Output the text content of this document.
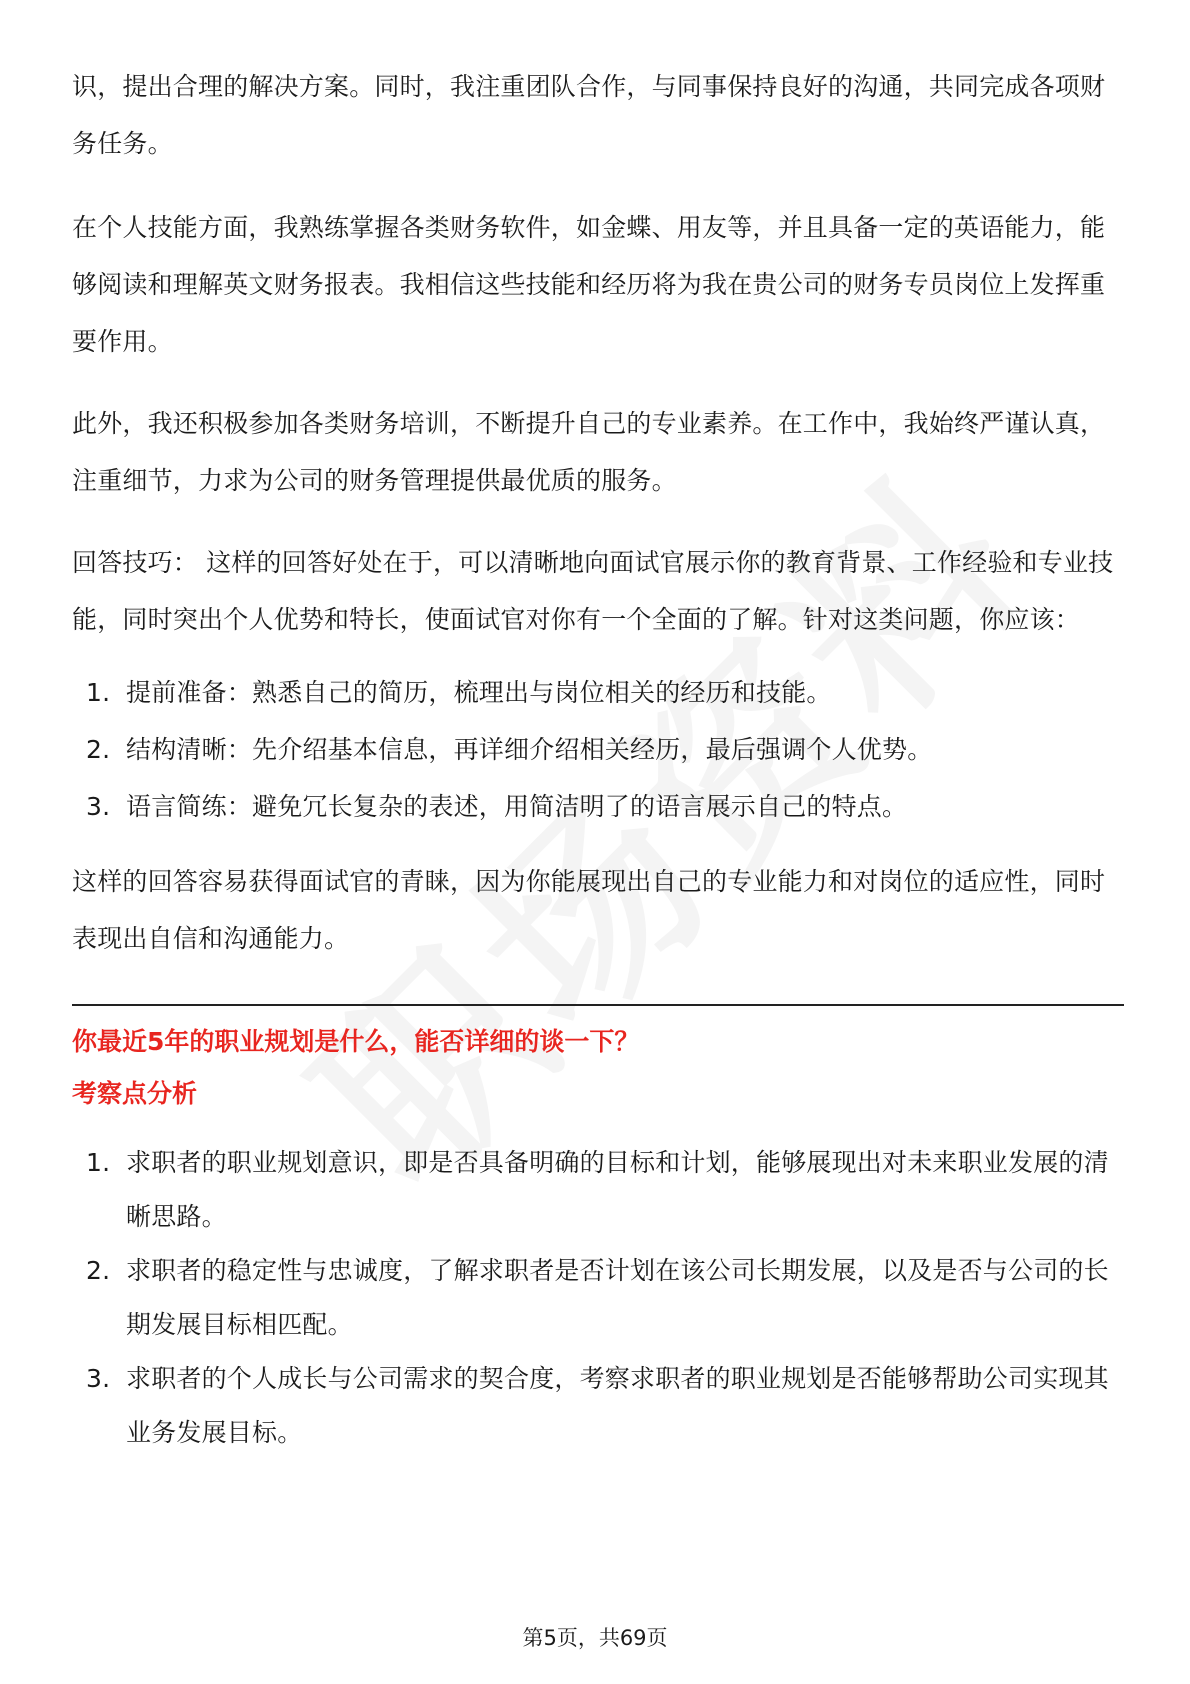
识，提出合理的解决方案。同时，我注重团队合作，与同事保持良好的沟通，共同完成各项财务任务。

在个人技能方面，我熟练掌握各类财务软件，如金蝶、用友等，并且具备一定的英语能力，能够阅读和理解英文财务报表。我相信这些技能和经历将为我在贵公司的财务专员岗位上发挥重要作用。

此外，我还积极参加各类财务培训，不断提升自己的专业素养。在工作中，我始终严谨认真，注重细节，力求为公司的财务管理提供最优质的服务。

回答技巧： 这样的回答好处在于，可以清晰地向面试官展示你的教育背景、工作经验和专业技能，同时突出个人优势和特长，使面试官对你有一个全面的了解。针对这类问题，你应该：

1. 提前准备：熟悉自己的简历，梳理出与岗位相关的经历和技能。
2. 结构清晰：先介绍基本信息，再详细介绍相关经历，最后强调个人优势。
3. 语言简练：避免冗长复杂的表述，用简洁明了的语言展示自己的特点。

这样的回答容易获得面试官的青睐，因为你能展现出自己的专业能力和对岗位的适应性，同时表现出自信和沟通能力。

你最近5年的职业规划是什么，能否详细的谈一下？

考察点分析

1. 求职者的职业规划意识，即是否具备明确的目标和计划，能够展现出对未来职业发展的清晰思路。
2. 求职者的稳定性与忠诚度，了解求职者是否计划在该公司长期发展，以及是否与公司的长期发展目标相匹配。
3. 求职者的个人成长与公司需求的契合度，考察求职者的职业规划是否能够帮助公司实现其业务发展目标。
第5页，共69页
